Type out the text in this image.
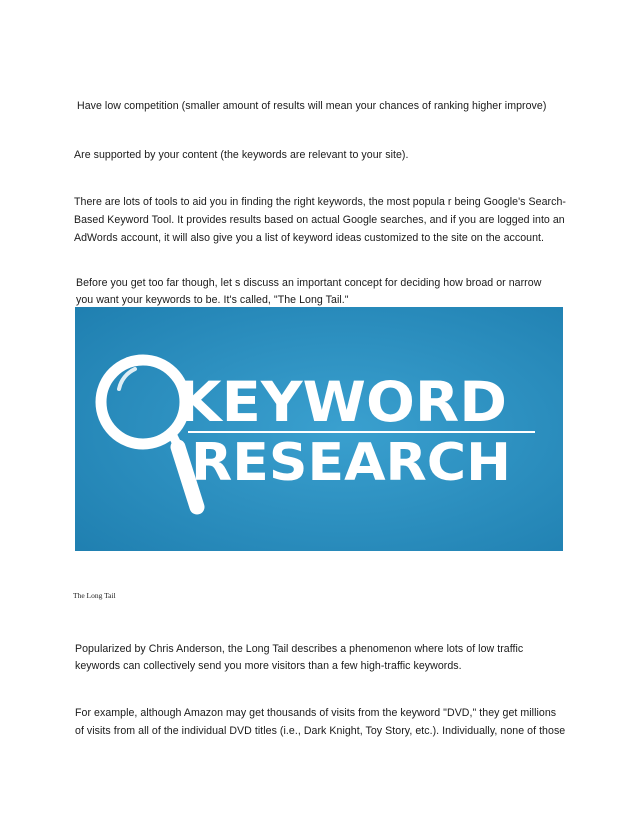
Have low competition (smaller amount of results will mean your chances of ranking higher improve)

Are supported by your content (the keywords are relevant to your site).

There are lots of tools to aid you in finding the right keywords, the most popula r being Google's Search-

Based Keyword Tool. It provides results based on actual Google searches, and if you are logged into an

AdWords account, it will also give you a list of keyword ideas customized to the site on the account.

Before you get too far though, let s discuss an important concept for deciding how broad or narrow

you want your keywords to be. It's called, "The Long Tail."

KEYWORD
RESEARCH
The Long Tail

Popularized by Chris Anderson, the Long Tail describes a phenomenon where lots of low traffic

keywords can collectively send you more visitors than a few high-traffic keywords.

For example, although Amazon may get thousands of visits from the keyword "DVD," they get millions

of visits from all of the individual DVD titles (i.e., Dark Knight, Toy Story, etc.). Individually, none of those
